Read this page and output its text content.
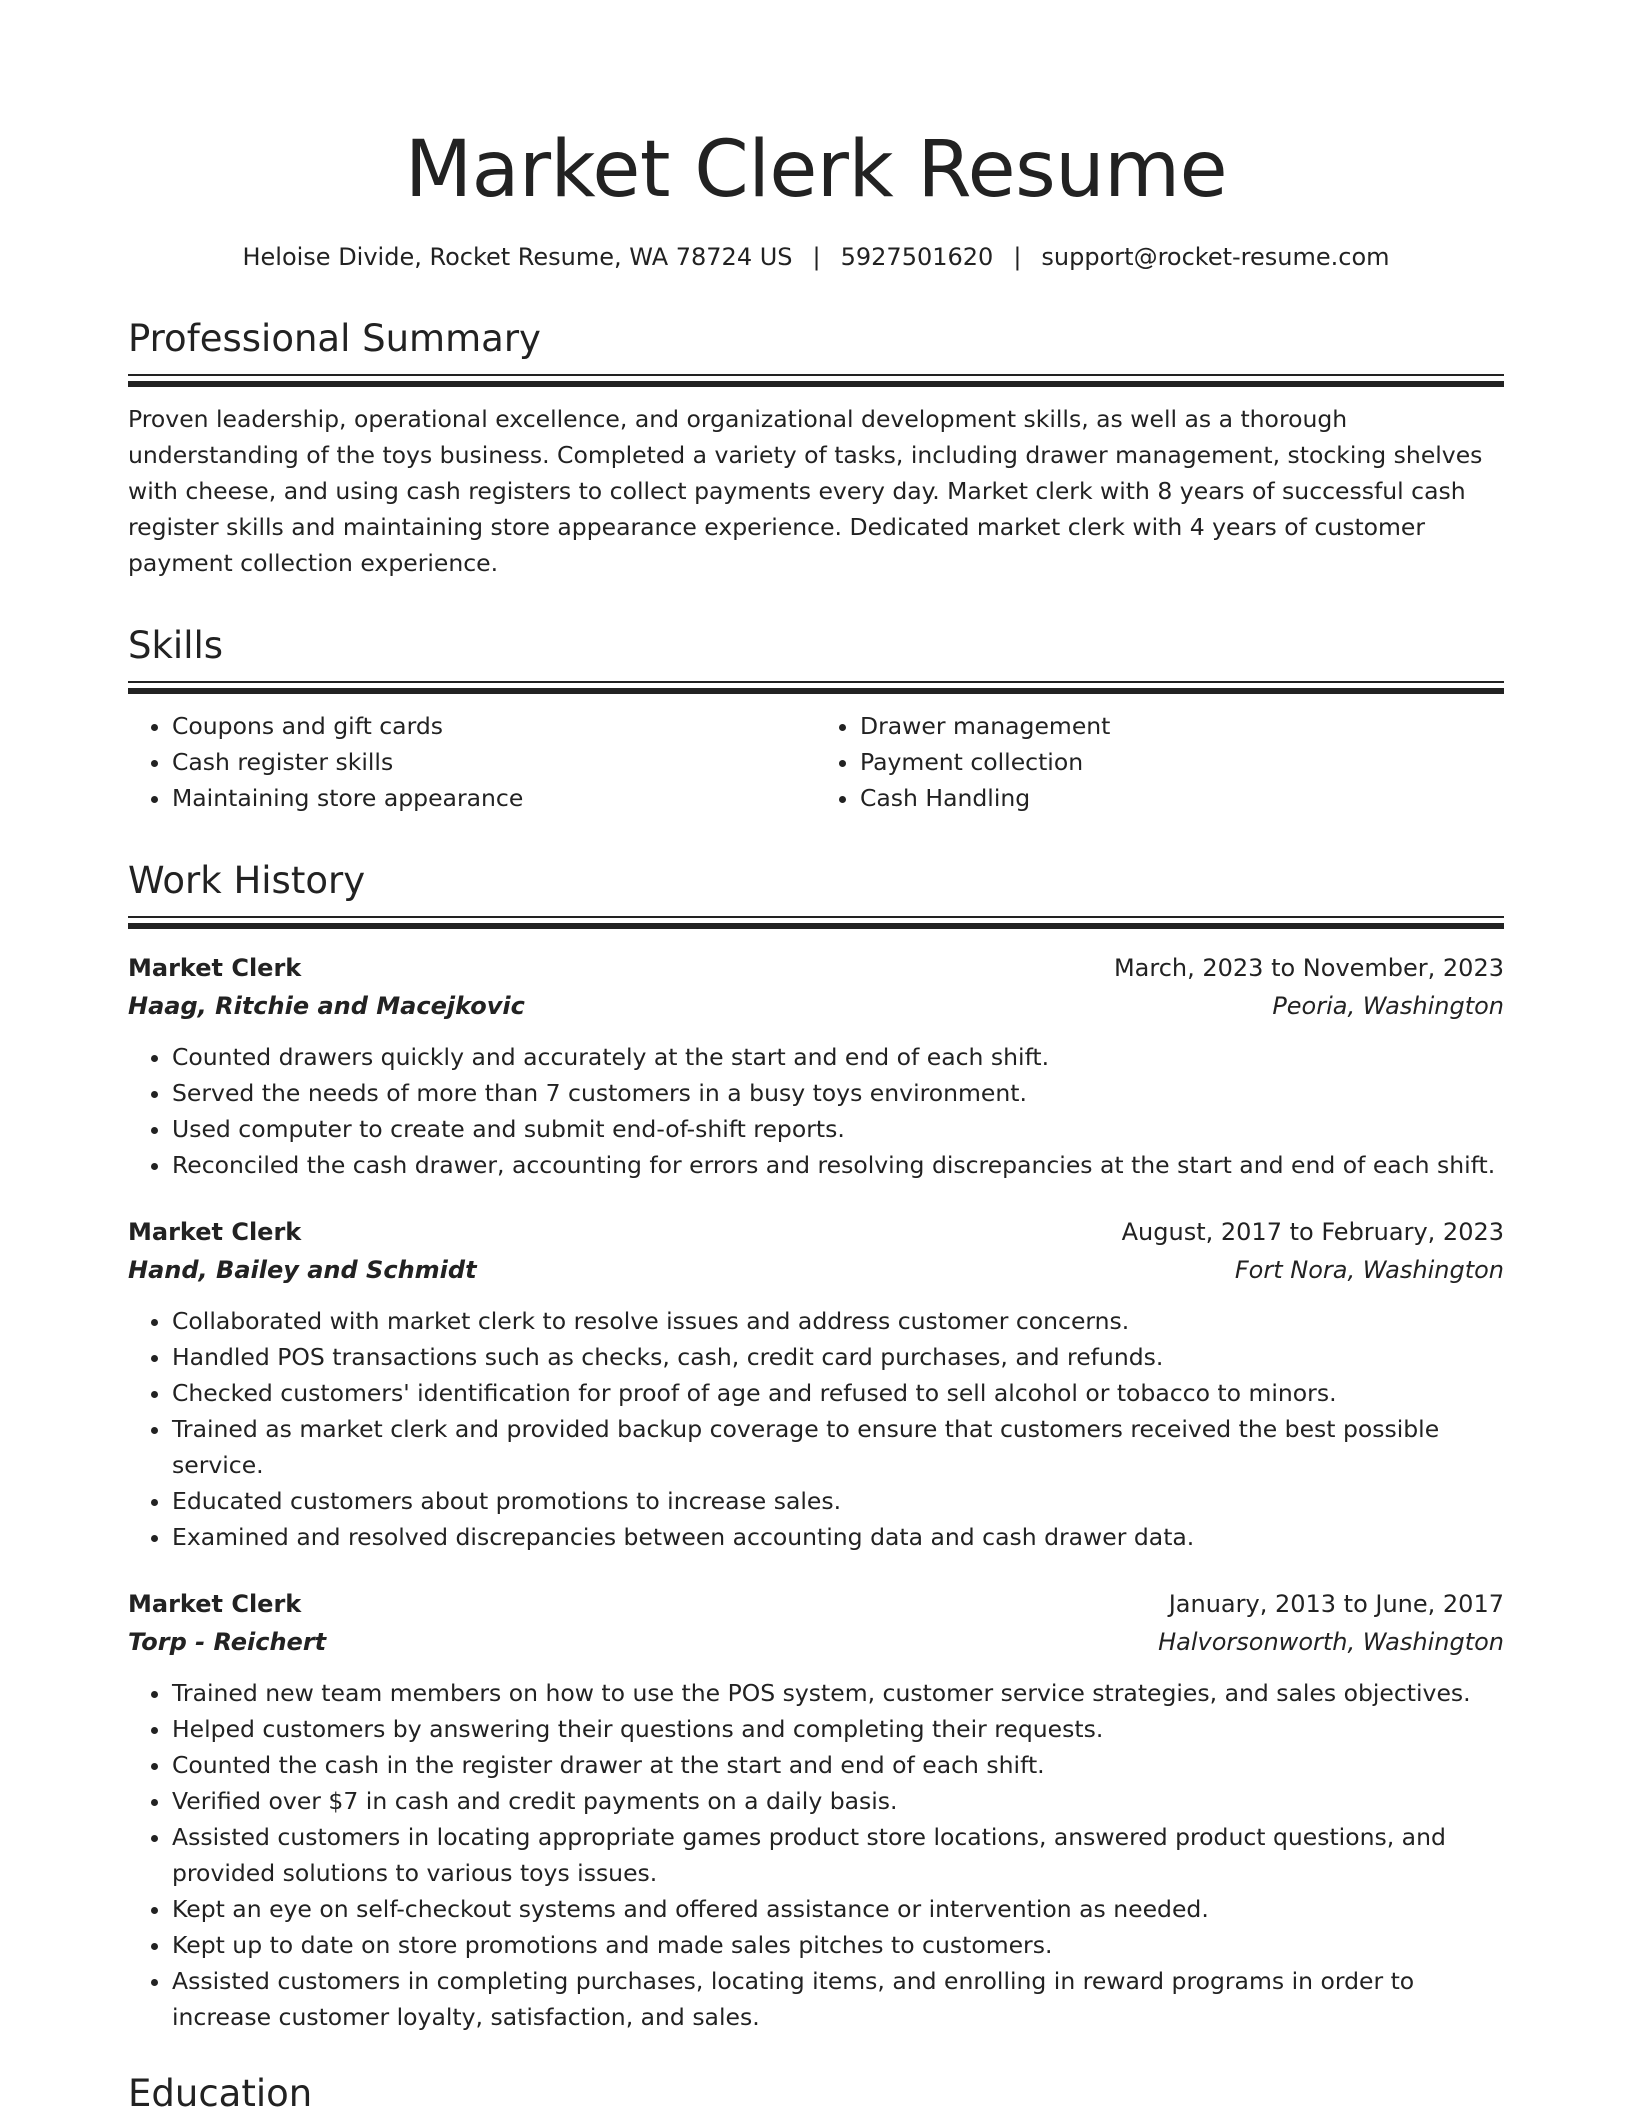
Market Clerk Resume
Heloise Divide, Rocket Resume, WA 78724 US | 5927501620 | support@rocket-resume.com
Professional Summary

Proven leadership, operational excellence, and organizational development skills, as well as a thorough understanding of the toys business. Completed a variety of tasks, including drawer management, stocking shelves with cheese, and using cash registers to collect payments every day. Market clerk with 8 years of successful cash register skills and maintaining store appearance experience. Dedicated market clerk with 4 years of customer payment collection experience.

Skills
• Coupons and gift cards
• Cash register skills
• Maintaining store appearance
• Drawer management
• Payment collection
• Cash Handling
Work History
Market Clerk	March, 2023 to November, 2023
Haag, Ritchie and Macejkovic	Peoria, Washington
• Counted drawers quickly and accurately at the start and end of each shift.
• Served the needs of more than 7 customers in a busy toys environment.
• Used computer to create and submit end-of-shift reports.
• Reconciled the cash drawer, accounting for errors and resolving discrepancies at the start and end of each shift.
Market Clerk	August, 2017 to February, 2023
Hand, Bailey and Schmidt	Fort Nora, Washington
• Collaborated with market clerk to resolve issues and address customer concerns.
• Handled POS transactions such as checks, cash, credit card purchases, and refunds.
• Checked customers' identification for proof of age and refused to sell alcohol or tobacco to minors.
• Trained as market clerk and provided backup coverage to ensure that customers received the best possible service.
• Educated customers about promotions to increase sales.
• Examined and resolved discrepancies between accounting data and cash drawer data.
Market Clerk	January, 2013 to June, 2017
Torp - Reichert	Halvorsonworth, Washington
• Trained new team members on how to use the POS system, customer service strategies, and sales objectives.
• Helped customers by answering their questions and completing their requests.
• Counted the cash in the register drawer at the start and end of each shift.
• Verified over $7 in cash and credit payments on a daily basis.
• Assisted customers in locating appropriate games product store locations, answered product questions, and provided solutions to various toys issues.
• Kept an eye on self-checkout systems and offered assistance or intervention as needed.
• Kept up to date on store promotions and made sales pitches to customers.
• Assisted customers in completing purchases, locating items, and enrolling in reward programs in order to increase customer loyalty, satisfaction, and sales.
Education
